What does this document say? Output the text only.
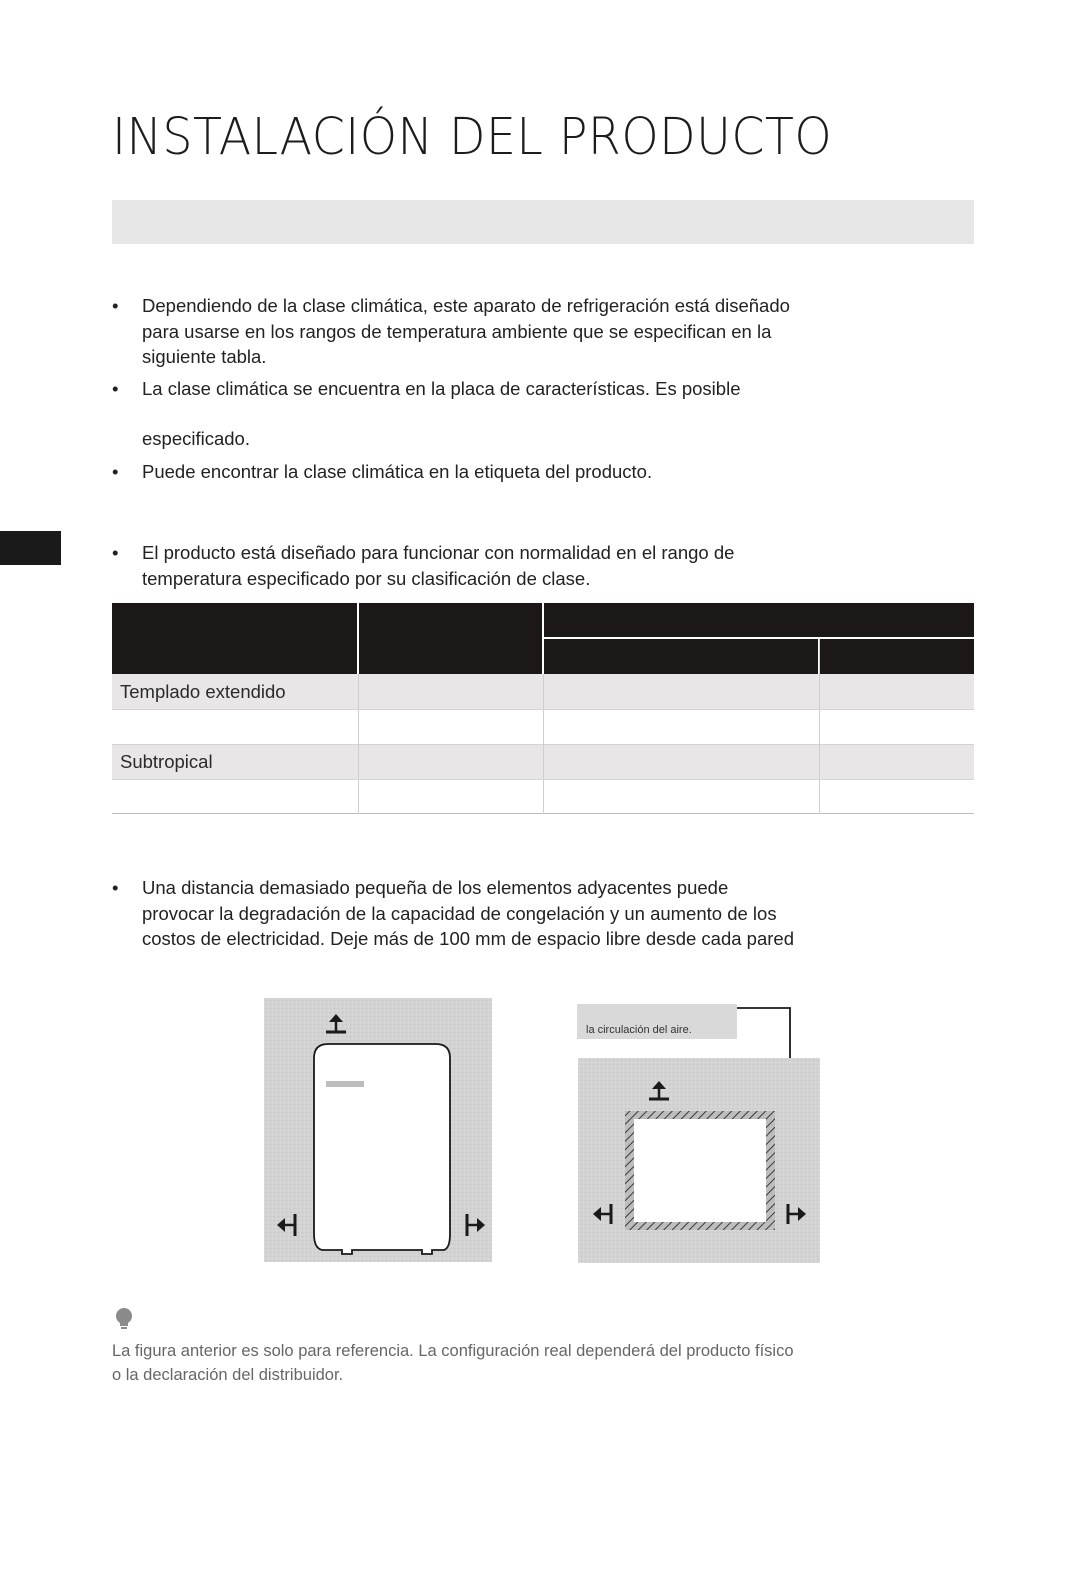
INSTALACIÓN DEL PRODUCTO
•	Dependiendo de la clase climática, este aparato de refrigeración está diseñado
para usarse en los rangos de temperatura ambiente que se especifican en la
siguiente tabla.
•	La clase climática se encuentra en la placa de características. Es posible
especificado.
•	Puede encontrar la clase climática en la etiqueta del producto.
•	El producto está diseñado para funcionar con normalidad en el rango de
temperatura especificado por su clasificación de clase.
Templado extendido
Subtropical
•	Una distancia demasiado pequeña de los elementos adyacentes puede
provocar la degradación de la capacidad de congelación y un aumento de los
costos de electricidad. Deje más de 100 mm de espacio libre desde cada pared
la circulación del aire.
La figura anterior es solo para referencia. La configuración real dependerá del producto físico
o la declaración del distribuidor.
